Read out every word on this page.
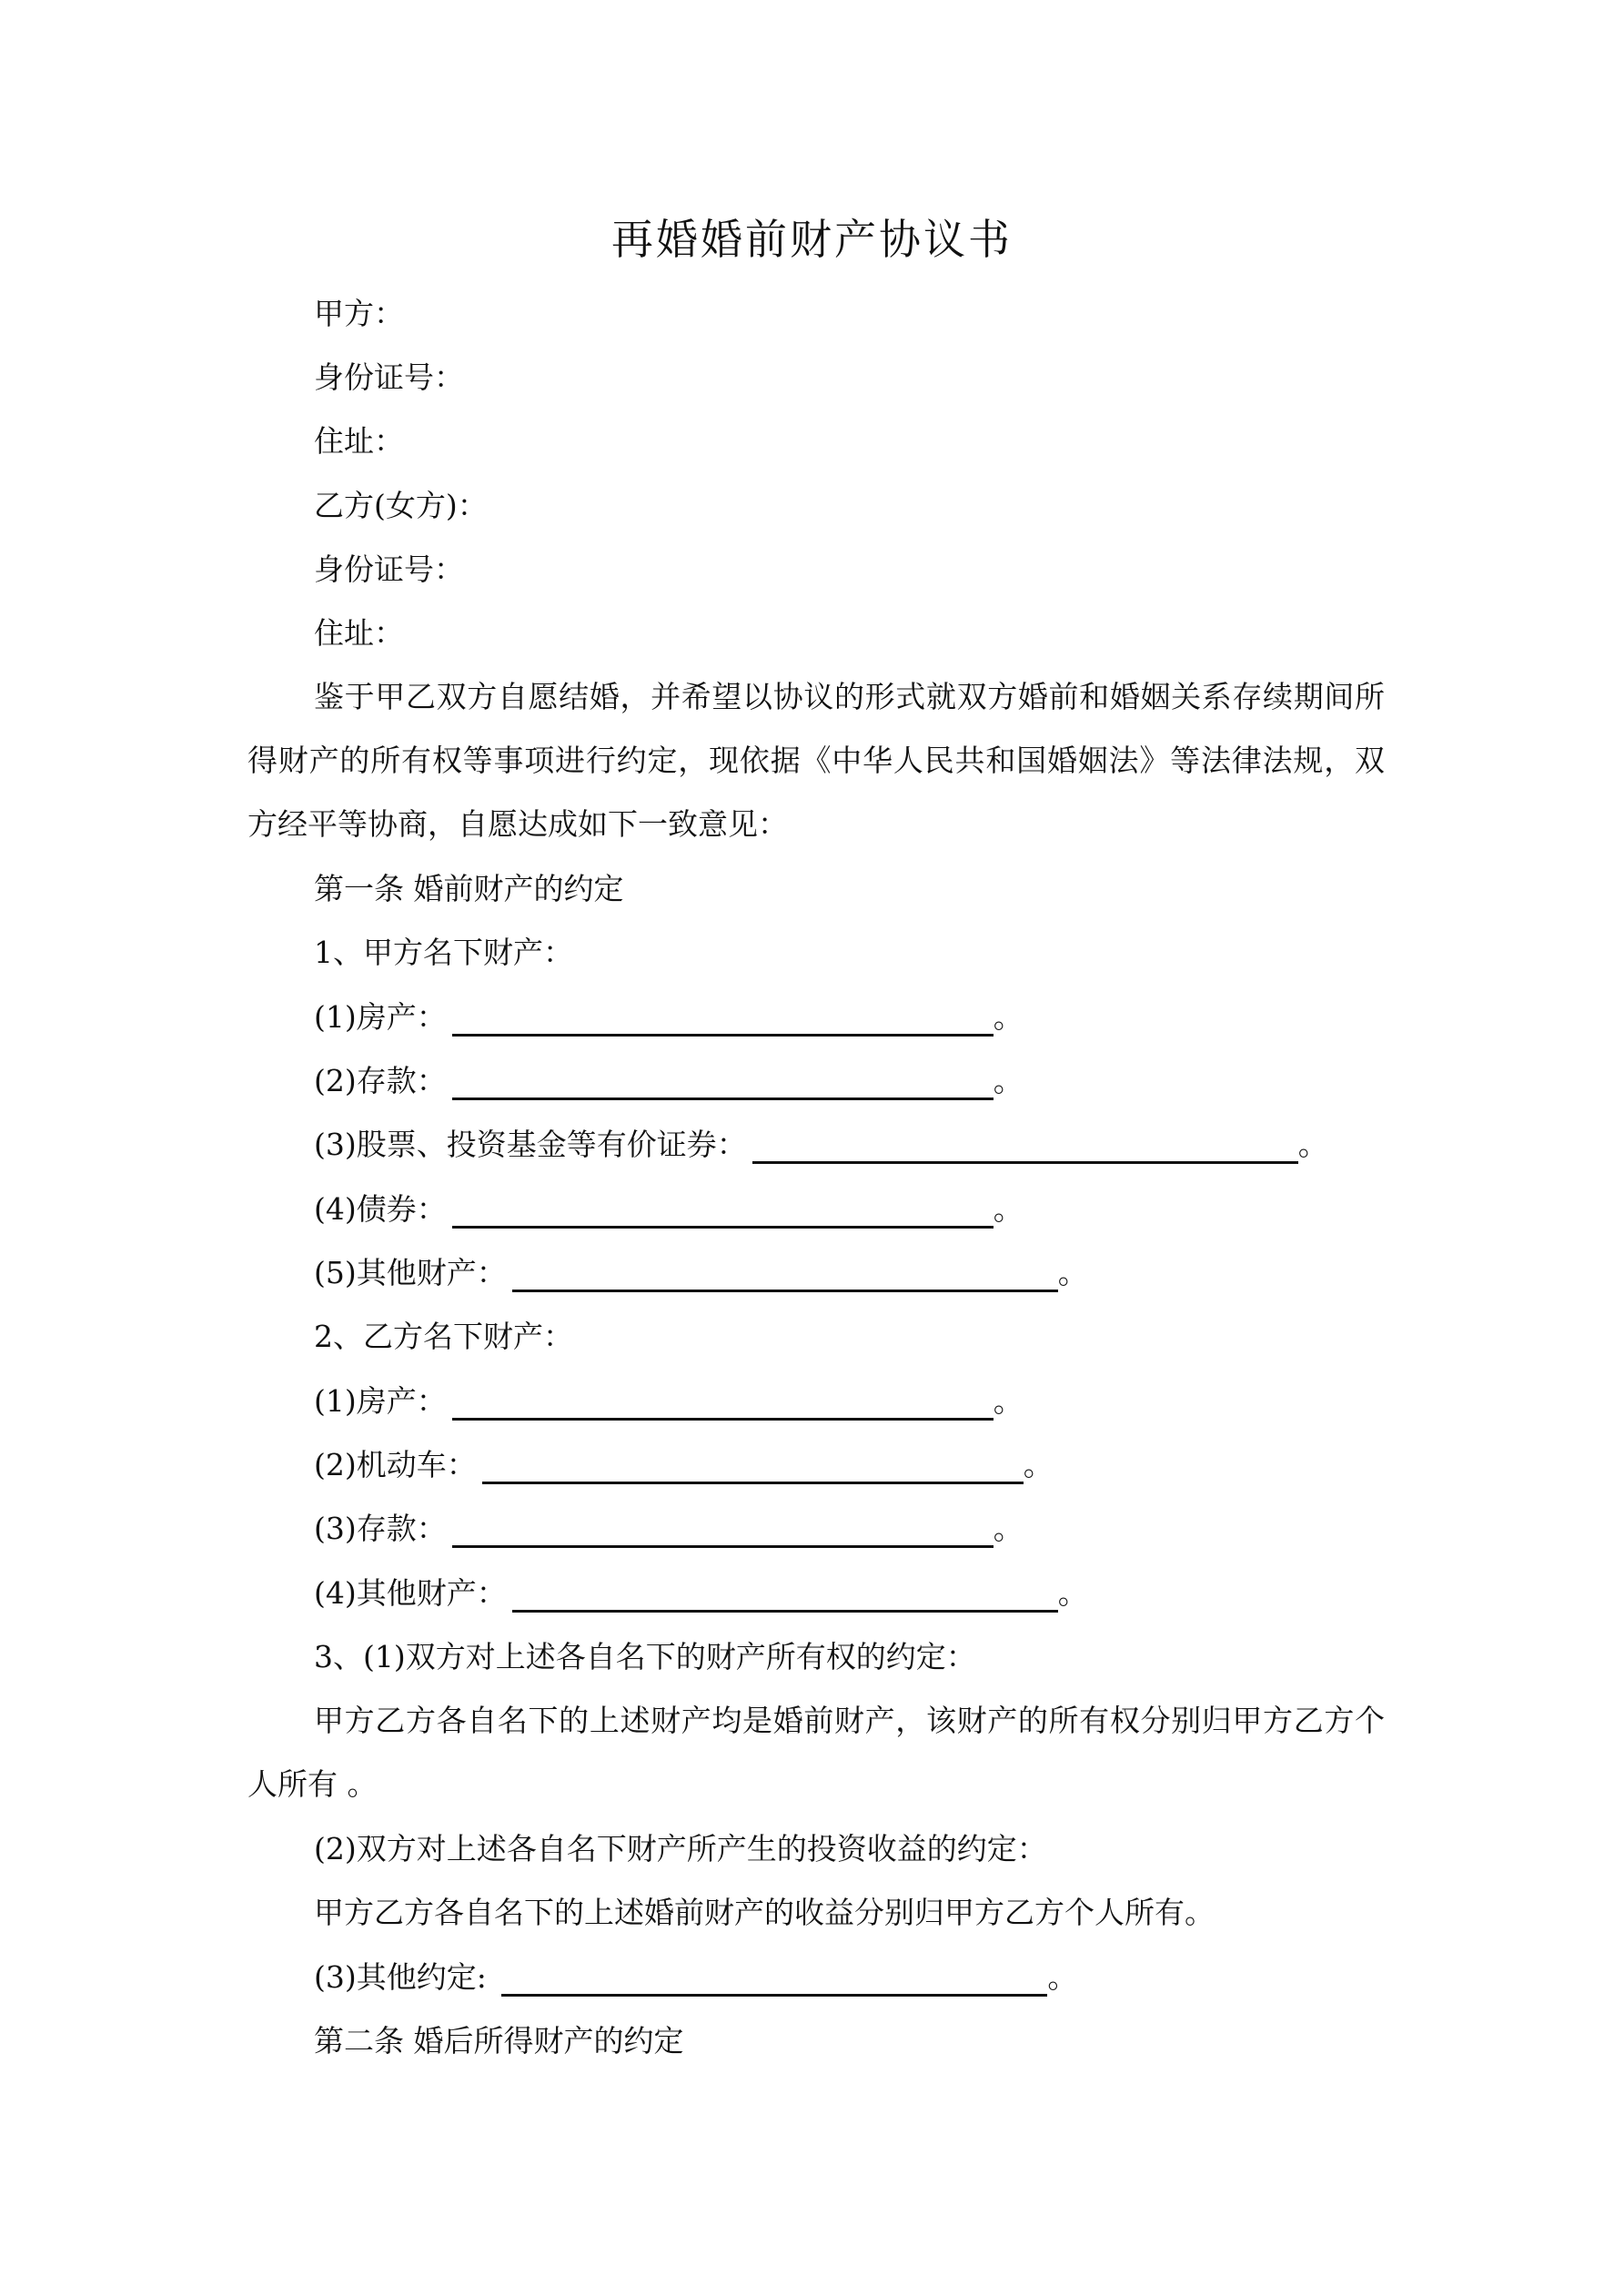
再婚婚前财产协议书
甲方：
身份证号：
住址：
乙方(女方)：
身份证号：
住址：
鉴于甲乙双方自愿结婚，并希望以协议的形式就双方婚前和婚姻关系存续期间所得财产的所有权等事项进行约定，现依据《中华人民共和国婚姻法》等法律法规，双方经平等协商，自愿达成如下一致意见：
第一条 婚前财产的约定
1、甲方名下财产：
(1)房产：	。
(2)存款：	。
(3)股票、投资基金等有价证券：	。
(4)债券：	。
(5)其他财产：	。
2、乙方名下财产：
(1)房产：	。
(2)机动车：	。
(3)存款：	。
(4)其他财产：	。
3、(1)双方对上述各自名下的财产所有权的约定：
甲方乙方各自名下的上述财产均是婚前财产，该财产的所有权分别归甲方乙方个人所有 。
(2)双方对上述各自名下财产所产生的投资收益的约定：
甲方乙方各自名下的上述婚前财产的收益分别归甲方乙方个人所有。
(3)其他约定:	。
第二条 婚后所得财产的约定
